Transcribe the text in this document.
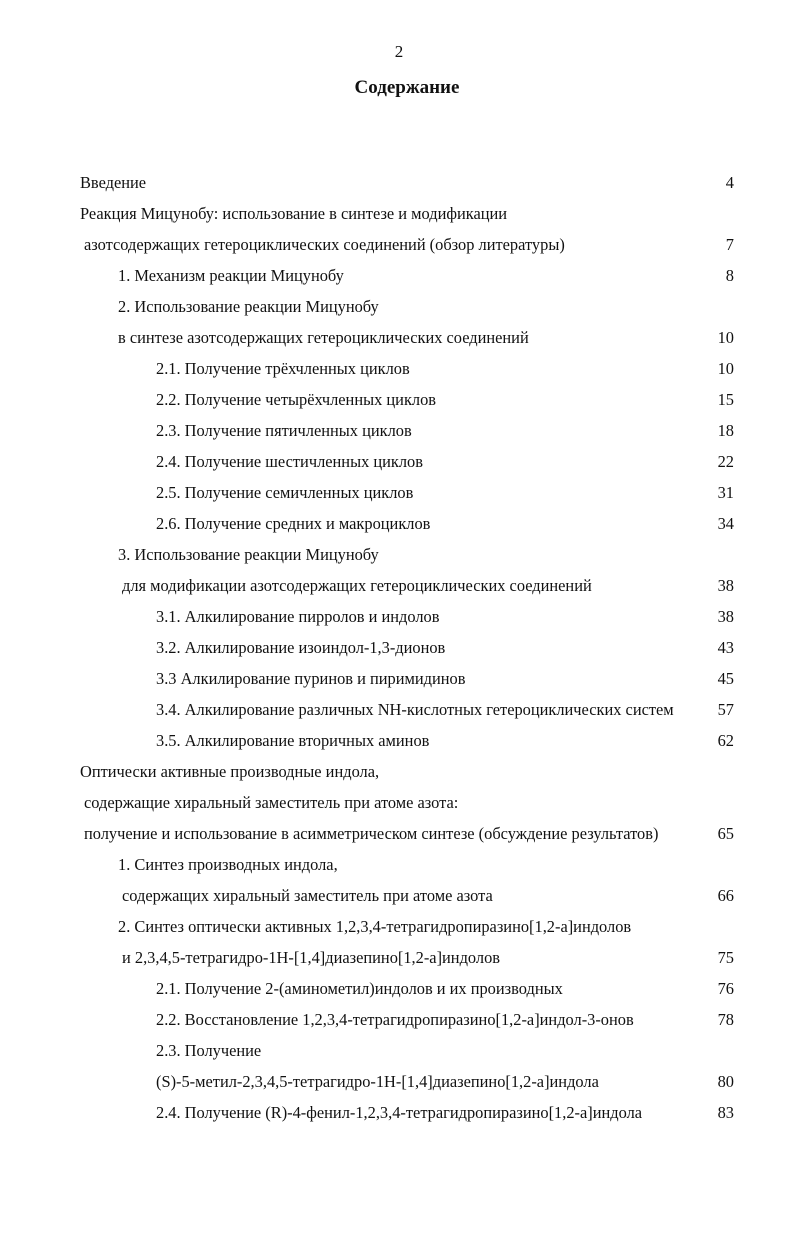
2
Содержание
Введение	4
Реакция Мицунобу: использование в синтезе и модификации
азотсодержащих гетероциклических соединений (обзор литературы)	7
1. Механизм реакции Мицунобу	8
2. Использование реакции Мицунобу
в синтезе азотсодержащих гетероциклических соединений	10
2.1. Получение трёхчленных циклов	10
2.2. Получение четырёхчленных циклов	15
2.3. Получение пятичленных циклов	18
2.4. Получение шестичленных циклов	22
2.5. Получение семичленных циклов	31
2.6. Получение средних и макроциклов	34
3. Использование реакции Мицунобу
для модификации азотсодержащих гетероциклических соединений	38
3.1. Алкилирование пирролов и индолов	38
3.2. Алкилирование изоиндол-1,3-дионов	43
3.3 Алкилирование пуринов и пиримидинов	45
3.4. Алкилирование различных NH-кислотных гетероциклических систем	57
3.5. Алкилирование вторичных аминов	62
Оптически активные производные индола,
содержащие хиральный заместитель при атоме азота:
получение и использование в асимметрическом синтезе (обсуждение результатов)	65
1. Синтез производных индола,
содержащих хиральный заместитель при атоме азота	66
2. Синтез оптически активных 1,2,3,4-тетрагидропиразино[1,2-a]индолов
и 2,3,4,5-тетрагидро-1H-[1,4]диазепино[1,2-a]индолов	75
2.1. Получение 2-(аминометил)индолов и их производных	76
2.2. Восстановление 1,2,3,4-тетрагидропиразино[1,2-a]индол-3-онов	78
2.3. Получение
(S)-5-метил-2,3,4,5-тетрагидро-1H-[1,4]диазепино[1,2-a]индола	80
2.4. Получение (R)-4-фенил-1,2,3,4-тетрагидропиразино[1,2-a]индола	83
